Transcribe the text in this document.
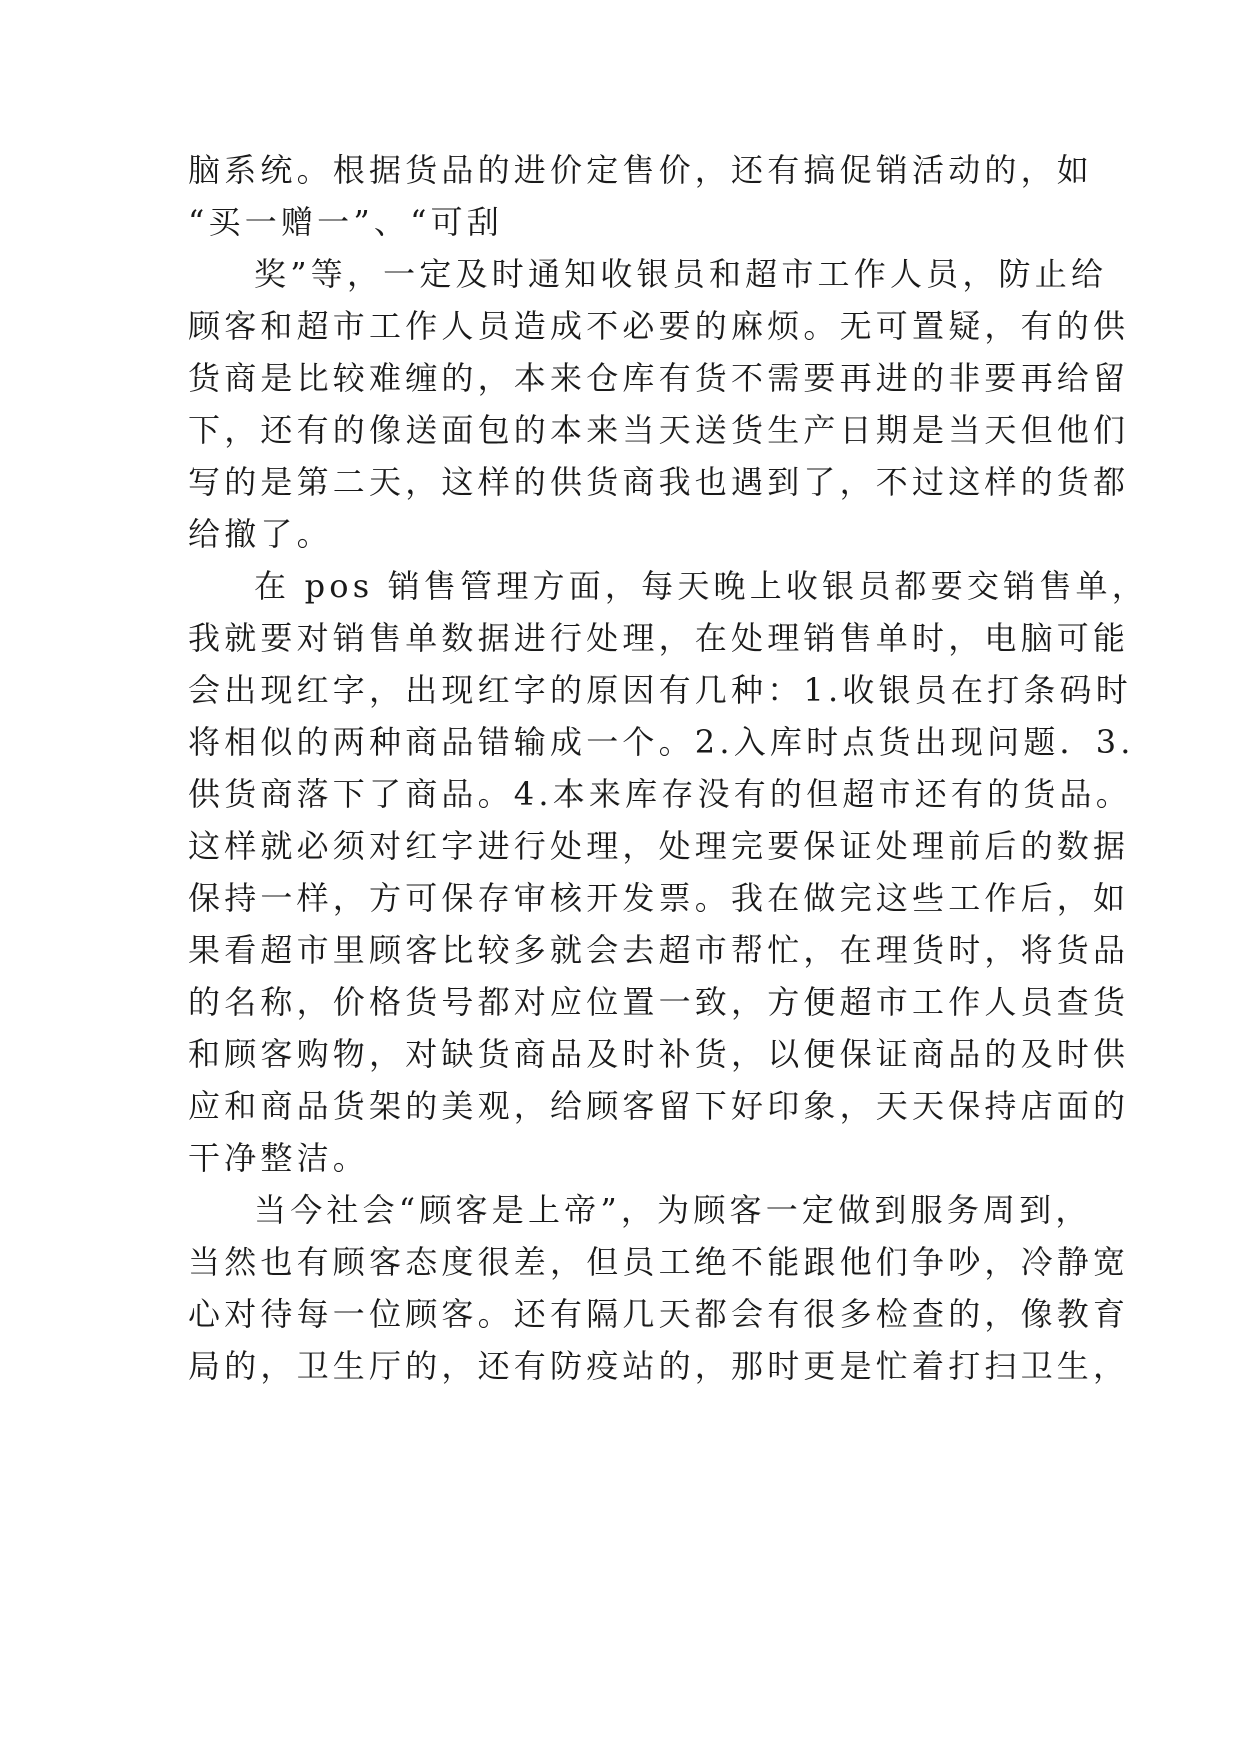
脑系统。根据货品的进价定售价，还有搞促销活动的，如
“买一赠一”、“可刮
奖”等，一定及时通知收银员和超市工作人员，防止给
顾客和超市工作人员造成不必要的麻烦。无可置疑，有的供
货商是比较难缠的，本来仓库有货不需要再进的非要再给留
下，还有的像送面包的本来当天送货生产日期是当天但他们
写的是第二天，这样的供货商我也遇到了，不过这样的货都
给撤了。
在 pos 销售管理方面，每天晚上收银员都要交销售单，
我就要对销售单数据进行处理，在处理销售单时，电脑可能
会出现红字，出现红字的原因有几种：1.收银员在打条码时
将相似的两种商品错输成一个。2.入库时点货出现问题．3.
供货商落下了商品。4.本来库存没有的但超市还有的货品。
这样就必须对红字进行处理，处理完要保证处理前后的数据
保持一样，方可保存审核开发票。我在做完这些工作后，如
果看超市里顾客比较多就会去超市帮忙，在理货时，将货品
的名称，价格货号都对应位置一致，方便超市工作人员查货
和顾客购物，对缺货商品及时补货，以便保证商品的及时供
应和商品货架的美观，给顾客留下好印象，天天保持店面的
干净整洁。
当今社会“顾客是上帝”，为顾客一定做到服务周到，
当然也有顾客态度很差，但员工绝不能跟他们争吵，冷静宽
心对待每一位顾客。还有隔几天都会有很多检查的，像教育
局的，卫生厅的，还有防疫站的，那时更是忙着打扫卫生，
